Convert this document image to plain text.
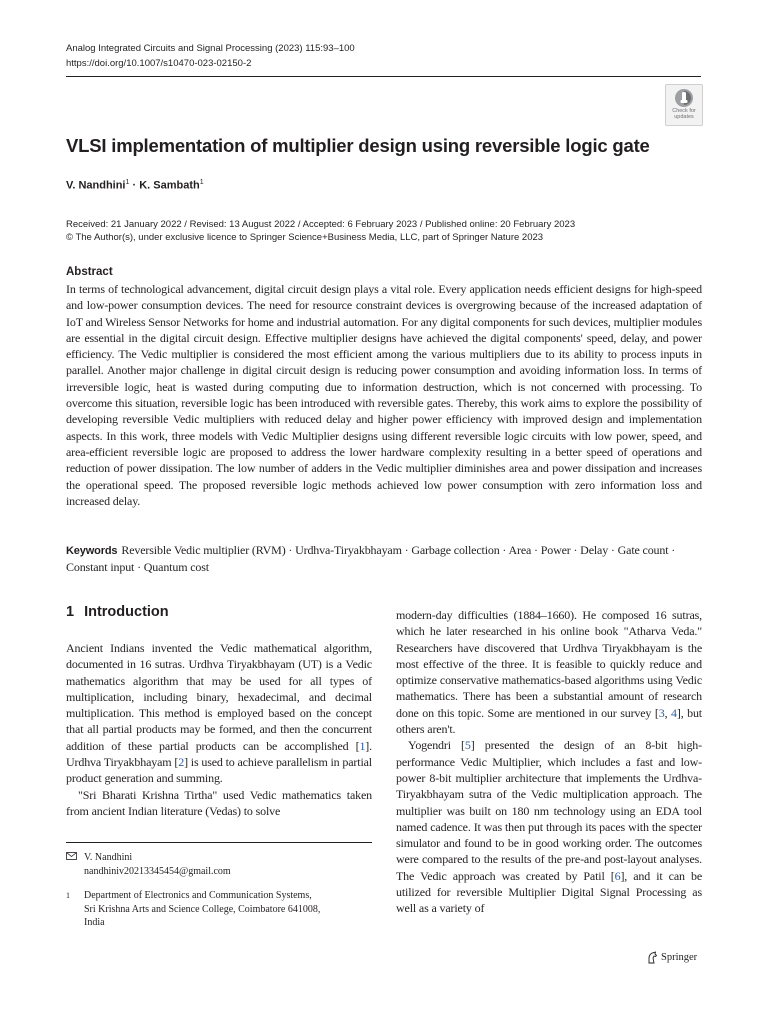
Analog Integrated Circuits and Signal Processing (2023) 115:93–100
https://doi.org/10.1007/s10470-023-02150-2
Check for
updates
VLSI implementation of multiplier design using reversible logic gate
V. Nandhini$^1$ · K. Sambath$^1$
Received: 21 January 2022 / Revised: 13 August 2022 / Accepted: 6 February 2023 / Published online: 20 February 2023
© The Author(s), under exclusive licence to Springer Science+Business Media, LLC, part of Springer Nature 2023
Abstract

In terms of technological advancement, digital circuit design plays a vital role. Every application needs efficient designs for high-speed and low-power consumption devices. The need for resource constraint devices is overgrowing because of the increased adaptation of IoT and Wireless Sensor Networks for home and industrial automation. For any digital components for such devices, multiplier modules are essential in the digital circuit design. Effective multiplier designs have achieved the digital components' speed, delay, and power efficiency. The Vedic multiplier is considered the most efficient among the various multipliers due to its ability to process inputs in parallel. Another major challenge in digital circuit design is reducing power consumption and avoiding information loss. In terms of irreversible logic, heat is wasted during computing due to information destruction, which is not concerned with processing. To overcome this situation, reversible logic has been introduced with reversible gates. Thereby, this work aims to explore the possibility of developing reversible Vedic multipliers with reduced delay and higher power efficiency with improved design and implementation aspects. In this work, three models with Vedic Multiplier designs using different reversible logic circuits with low power, speed, and area-efficient reversible logic are proposed to address the lower hardware complexity resulting in a better speed of operations and reduction of power dissipation. The low number of adders in the Vedic multiplier diminishes area and power dissipation and increases the operational speed. The proposed reversible logic methods achieved low power consumption with zero information loss and increased delay.

Keywords Reversible Vedic multiplier (RVM) · Urdhva-Tiryakbhayam · Garbage collection · Area · Power · Delay · Gate count · Constant input · Quantum cost
1 Introduction

Ancient Indians invented the Vedic mathematical algorithm, documented in 16 sutras. Urdhva Tiryakbhayam (UT) is a Vedic mathematics algorithm that may be used for all types of multiplication, including binary, hexadecimal, and decimal multiplication. This method is employed based on the concept that all partial products may be formed, and then the concurrent addition of these partial products can be accomplished [1]. Urdhva Tiryakbhayam [2] is used to achieve parallelism in partial product generation and summing.

"Sri Bharati Krishna Tirtha" used Vedic mathematics taken from ancient Indian literature (Vedas) to solve

modern-day difficulties (1884–1660). He composed 16 sutras, which he later researched in his online book "Atharva Veda." Researchers have discovered that Urdhva Tiryakbhayam is the most effective of the three. It is feasible to quickly reduce and optimize conservative mathematics-based algorithms using Vedic mathematics. There has been a substantial amount of research done on this topic. Some are mentioned in our survey [3, 4], but others aren't.

Yogendri [5] presented the design of an 8-bit high-performance Vedic Multiplier, which includes a fast and low-power 8-bit multiplier architecture that implements the Urdhva-Tiryakbhayam sutra of the Vedic multiplication approach. The multiplier was built on 180 nm technology using an EDA tool named cadence. It was then put through its paces with the specter simulator and found to be in good working order. The outcomes were compared to the results of the pre-and post-layout analyses. The Vedic approach was created by Patil [6], and it can be utilized for reversible Multiplier Digital Signal Processing as well as a variety of

V. Nandhini
nandhiniv20213345454@gmail.com
1	Department of Electronics and Communication Systems,
Sri Krishna Arts and Science College, Coimbatore 641008,
India
Springer
